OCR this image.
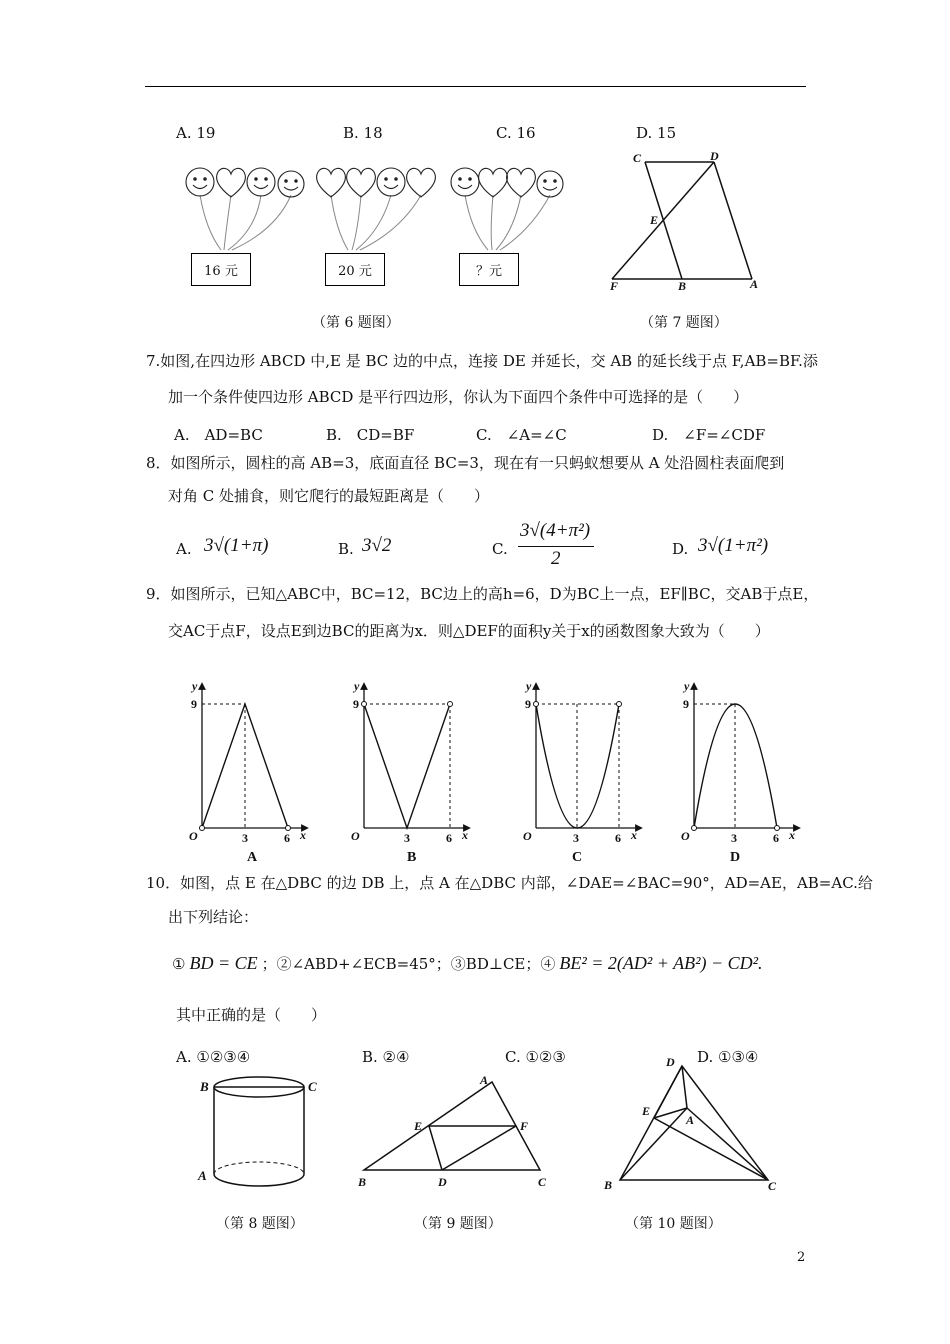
A. 19	B. 18	C. 16	D. 15
16 元	20 元	？元
（第 6 题图）
C	D
E
F	B	A
（第 7 题图）
7.如图,在四边形 ABCD 中,E 是 BC 边的中点，连接 DE 并延长，交 AB 的延长线于点 F,AB=BF.添
加一个条件使四边形 ABCD 是平行四边形，你认为下面四个条件中可选择的是（　　）
A.　AD=BC	B.　CD=BF	C.　∠A=∠C	D.　∠F=∠CDF
8．如图所示，圆柱的高 AB=3，底面直径 BC=3，现在有一只蚂蚁想要从 A 处沿圆柱表面爬到
对角 C 处捕食，则它爬行的最短距离是（　　）
A. 3√(1+π)	B. 3√2	C.
3√(4+π²)
2	D. 3√(1+π²)
9．如图所示，已知△ABC中，BC=12，BC边上的高h=6，D为BC上一点，EF∥BC，交AB于点E，
交AC于点F，设点E到边BC的距离为x．则△DEF的面积y关于x的函数图象大致为（　　）
y
9
O	3	6 x
A
y
9
O	3	6 x
B
y
9
O	3	6 x
C
y
9
O	3	6 x
D
10．如图，点 E 在△DBC 的边 DB 上，点 A 在△DBC 内部，∠DAE=∠BAC=90°，AD=AE，AB=AC.给
出下列结论：
① BD = CE ；②∠ABD+∠ECB=45°；③BD⊥CE；④ BE² = 2(AD² + AB²) − CD².
其中正确的是（　　）
A. ①②③④	B. ②④	C. ①②③	D. ①③④
B	C
A
A
E	F
B	D	C
D
E
A
B	C
（第 8 题图）	（第 9 题图）	（第 10 题图）
2
